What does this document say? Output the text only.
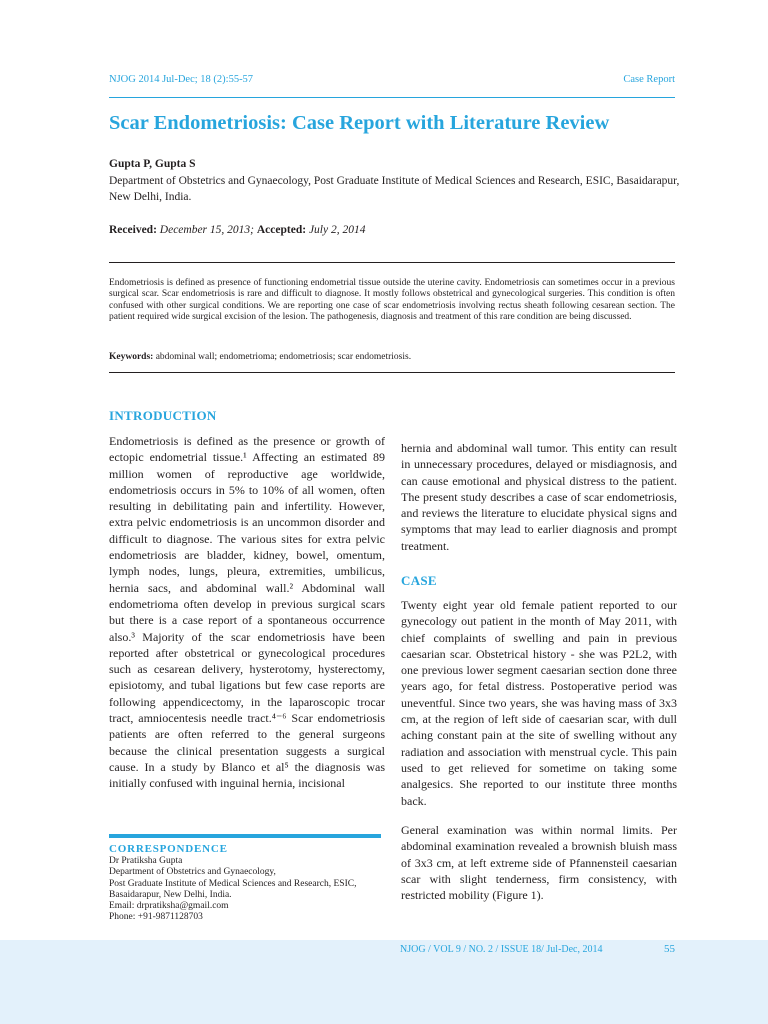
NJOG 2014 Jul-Dec; 18 (2):55-57	Case Report
Scar Endometriosis: Case Report with Literature Review
Gupta P, Gupta S
Department of Obstetrics and Gynaecology, Post Graduate Institute of Medical Sciences and Research, ESIC, Basaidarapur, New Delhi, India.
Received: December 15, 2013; Accepted: July 2, 2014

Endometriosis is defined as presence of functioning endometrial tissue outside the uterine cavity. Endometriosis can sometimes occur in a previous surgical scar. Scar endometriosis is rare and difficult to diagnose. It mostly follows obstetrical and gynecological surgeries. This condition is often confused with other surgical conditions. We are reporting one case of scar endometriosis involving rectus sheath following cesarean section. The patient required wide surgical excision of the lesion. The pathogenesis, diagnosis and treatment of this rare condition are being discussed.

Keywords: abdominal wall; endometrioma; endometriosis; scar endometriosis.
INTRODUCTION

Endometriosis is defined as the presence or growth of ectopic endometrial tissue.¹ Affecting an estimated 89 million women of reproductive age worldwide, endometriosis occurs in 5% to 10% of all women, often resulting in debilitating pain and infertility. However, extra pelvic endometriosis is an uncommon disorder and difficult to diagnose. The various sites for extra pelvic endometriosis are bladder, kidney, bowel, omentum, lymph nodes, lungs, pleura, extremities, umbilicus, hernia sacs, and abdominal wall.² Abdominal wall endometrioma often develop in previous surgical scars but there is a case report of a spontaneous occurrence also.³ Majority of the scar endometriosis have been reported after obstetrical or gynecological procedures such as cesarean delivery, hysterotomy, hysterectomy, episiotomy, and tubal ligations but few case reports are following appendicectomy, in the laparoscopic trocar tract, amniocentesis needle tract.⁴⁻⁶ Scar endometriosis patients are often referred to the general surgeons because the clinical presentation suggests a surgical cause. In a study by Blanco et al⁵ the diagnosis was initially confused with inguinal hernia, incisional

hernia and abdominal wall tumor. This entity can result in unnecessary procedures, delayed or misdiagnosis, and can cause emotional and physical distress to the patient. The present study describes a case of scar endometriosis, and reviews the literature to elucidate physical signs and symptoms that may lead to earlier diagnosis and prompt treatment.

CASE

Twenty eight year old female patient reported to our gynecology out patient in the month of May 2011, with chief complaints of swelling and pain in previous caesarian scar. Obstetrical history - she was P2L2, with one previous lower segment caesarian section done three years ago, for fetal distress. Postoperative period was uneventful. Since two years, she was having mass of 3x3 cm, at the region of left side of caesarian scar, with dull aching constant pain at the site of swelling without any radiation and association with menstrual cycle. This pain used to get relieved for sometime on taking some analgesics. She reported to our institute three months back.

General examination was within normal limits. Per abdominal examination revealed a brownish bluish mass of 3x3 cm, at left extreme side of Pfannensteil caesarian scar with slight tenderness, firm consistency, with restricted mobility (Figure 1).

CORRESPONDENCE
Dr Pratiksha Gupta
Department of Obstetrics and Gynaecology,
Post Graduate Institute of Medical Sciences and Research, ESIC,
Basaidarapur, New Delhi, India.
Email: drpratiksha@gmail.com
Phone: +91-9871128703
NJOG / VOL 9 / NO. 2 / ISSUE 18/ Jul-Dec, 2014	55
